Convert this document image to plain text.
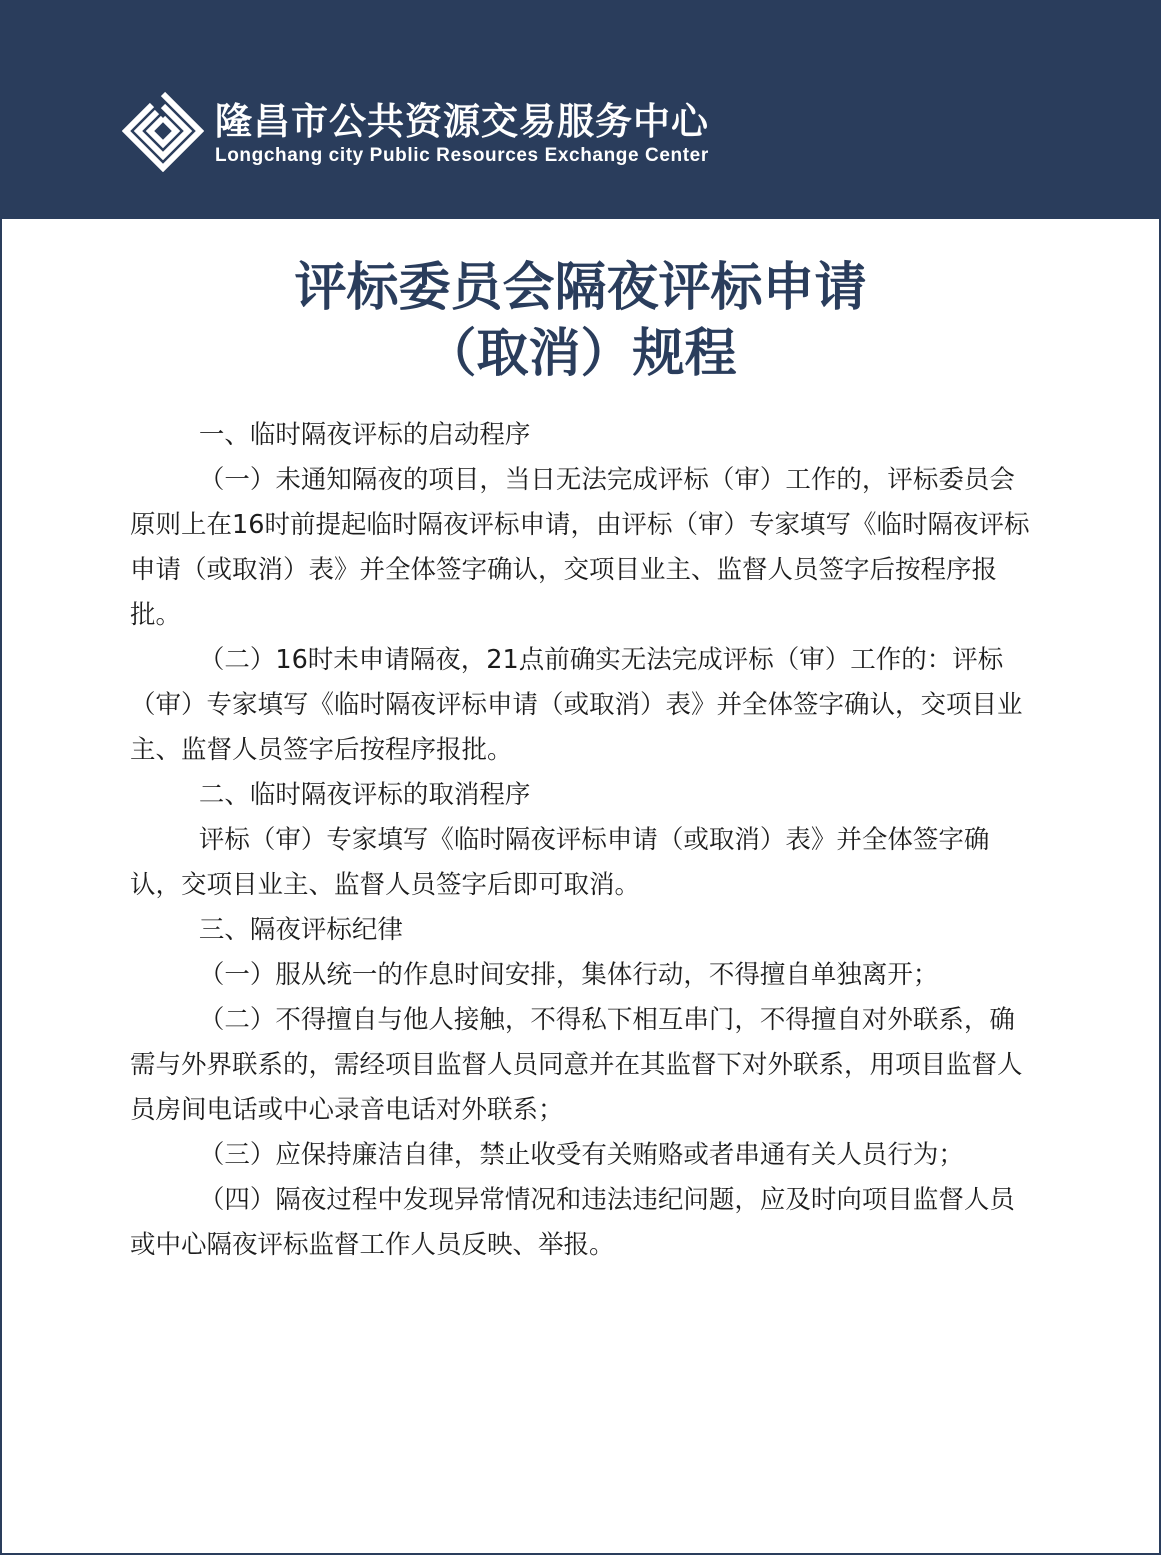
隆昌市公共资源交易服务中心
Longchang city Public Resources Exchange Center
评标委员会隔夜评标申请
（取消）规程

一、临时隔夜评标的启动程序

（一）未通知隔夜的项目，当日无法完成评标（审）工作的，评标委员会原则上在16时前提起临时隔夜评标申请，由评标（审）专家填写《临时隔夜评标申请（或取消）表》并全体签字确认，交项目业主、监督人员签字后按程序报批。

（二）16时未申请隔夜，21点前确实无法完成评标（审）工作的：评标（审）专家填写《临时隔夜评标申请（或取消）表》并全体签字确认，交项目业主、监督人员签字后按程序报批。

二、临时隔夜评标的取消程序

评标（审）专家填写《临时隔夜评标申请（或取消）表》并全体签字确认，交项目业主、监督人员签字后即可取消。

三、隔夜评标纪律

（一）服从统一的作息时间安排，集体行动，不得擅自单独离开；

（二）不得擅自与他人接触，不得私下相互串门，不得擅自对外联系，确需与外界联系的，需经项目监督人员同意并在其监督下对外联系，用项目监督人员房间电话或中心录音电话对外联系；

（三）应保持廉洁自律，禁止收受有关贿赂或者串通有关人员行为；

（四）隔夜过程中发现异常情况和违法违纪问题，应及时向项目监督人员或中心隔夜评标监督工作人员反映、举报。
